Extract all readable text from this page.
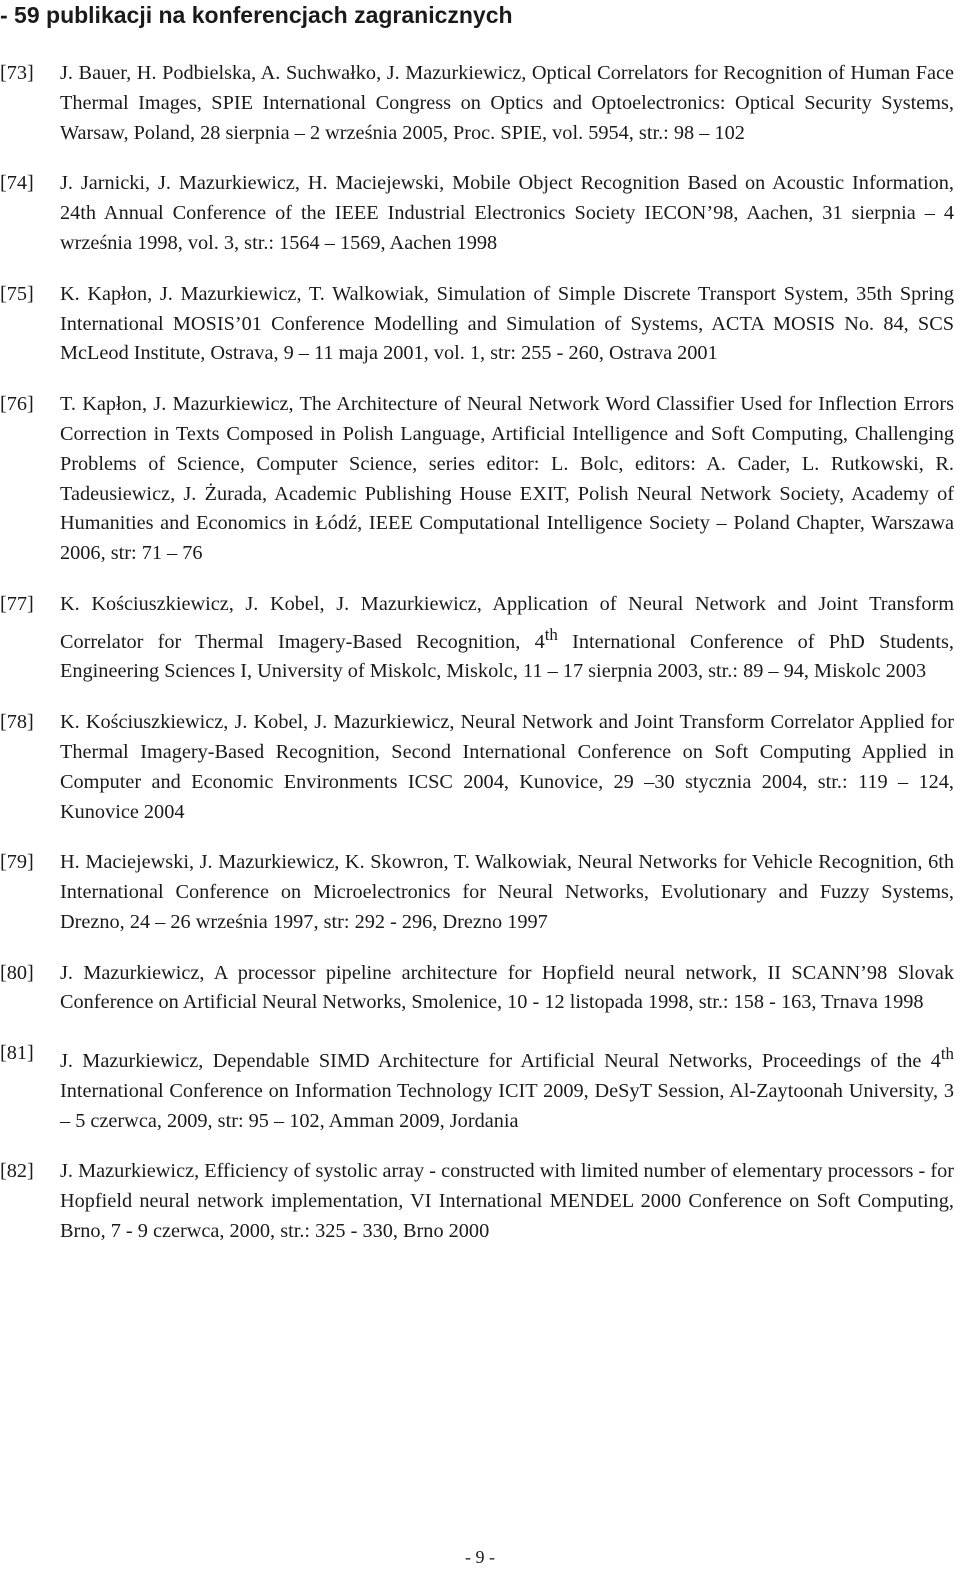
- 59 publikacji na konferencjach zagranicznych
[73]	J. Bauer, H. Podbielska, A. Suchwałko, J. Mazurkiewicz, Optical Correlators for Recognition of Human Face Thermal Images, SPIE International Congress on Optics and Optoelectronics: Optical Security Systems, Warsaw, Poland, 28 sierpnia – 2 września 2005, Proc. SPIE, vol. 5954, str.: 98 – 102
[74]	J. Jarnicki, J. Mazurkiewicz, H. Maciejewski, Mobile Object Recognition Based on Acoustic Information, 24th Annual Conference of the IEEE Industrial Electronics Society IECON’98, Aachen, 31 sierpnia – 4 września 1998, vol. 3, str.: 1564 – 1569, Aachen 1998
[75]	K. Kapłon, J. Mazurkiewicz, T. Walkowiak, Simulation of Simple Discrete Transport System, 35th Spring International MOSIS’01 Conference Modelling and Simulation of Systems, ACTA MOSIS No. 84, SCS McLeod Institute, Ostrava, 9 – 11 maja 2001, vol. 1, str: 255 - 260, Ostrava 2001
[76]	T. Kapłon, J. Mazurkiewicz, The Architecture of Neural Network Word Classifier Used for Inflection Errors Correction in Texts Composed in Polish Language, Artificial Intelligence and Soft Computing, Challenging Problems of Science, Computer Science, series editor: L. Bolc, editors: A. Cader, L. Rutkowski, R. Tadeusiewicz, J. Żurada, Academic Publishing House EXIT, Polish Neural Network Society, Academy of Humanities and Economics in Łódź, IEEE Computational Intelligence Society – Poland Chapter, Warszawa 2006, str: 71 – 76
[77]	K. Kościuszkiewicz, J. Kobel, J. Mazurkiewicz, Application of Neural Network and Joint Transform Correlator for Thermal Imagery-Based Recognition, 4th International Conference of PhD Students, Engineering Sciences I, University of Miskolc, Miskolc, 11 – 17 sierpnia 2003, str.: 89 – 94, Miskolc 2003
[78]	K. Kościuszkiewicz, J. Kobel, J. Mazurkiewicz, Neural Network and Joint Transform Correlator Applied for Thermal Imagery-Based Recognition, Second International Conference on Soft Computing Applied in Computer and Economic Environments ICSC 2004, Kunovice, 29 –30 stycznia 2004, str.: 119 – 124, Kunovice 2004
[79]	H. Maciejewski, J. Mazurkiewicz, K. Skowron, T. Walkowiak, Neural Networks for Vehicle Recognition, 6th International Conference on Microelectronics for Neural Networks, Evolutionary and Fuzzy Systems, Drezno, 24 – 26 września 1997, str: 292 - 296, Drezno 1997
[80]	J. Mazurkiewicz, A processor pipeline architecture for Hopfield neural network, II SCANN’98 Slovak Conference on Artificial Neural Networks, Smolenice, 10 - 12 listopada 1998, str.: 158 - 163, Trnava 1998
[81]	J. Mazurkiewicz, Dependable SIMD Architecture for Artificial Neural Networks, Proceedings of the 4th International Conference on Information Technology ICIT 2009, DeSyT Session, Al-Zaytoonah University, 3 – 5 czerwca, 2009, str: 95 – 102, Amman 2009, Jordania
[82]	J. Mazurkiewicz, Efficiency of systolic array - constructed with limited number of elementary processors - for Hopfield neural network implementation, VI International MENDEL 2000 Conference on Soft Computing, Brno, 7 - 9 czerwca, 2000, str.: 325 - 330, Brno 2000
- 9 -
